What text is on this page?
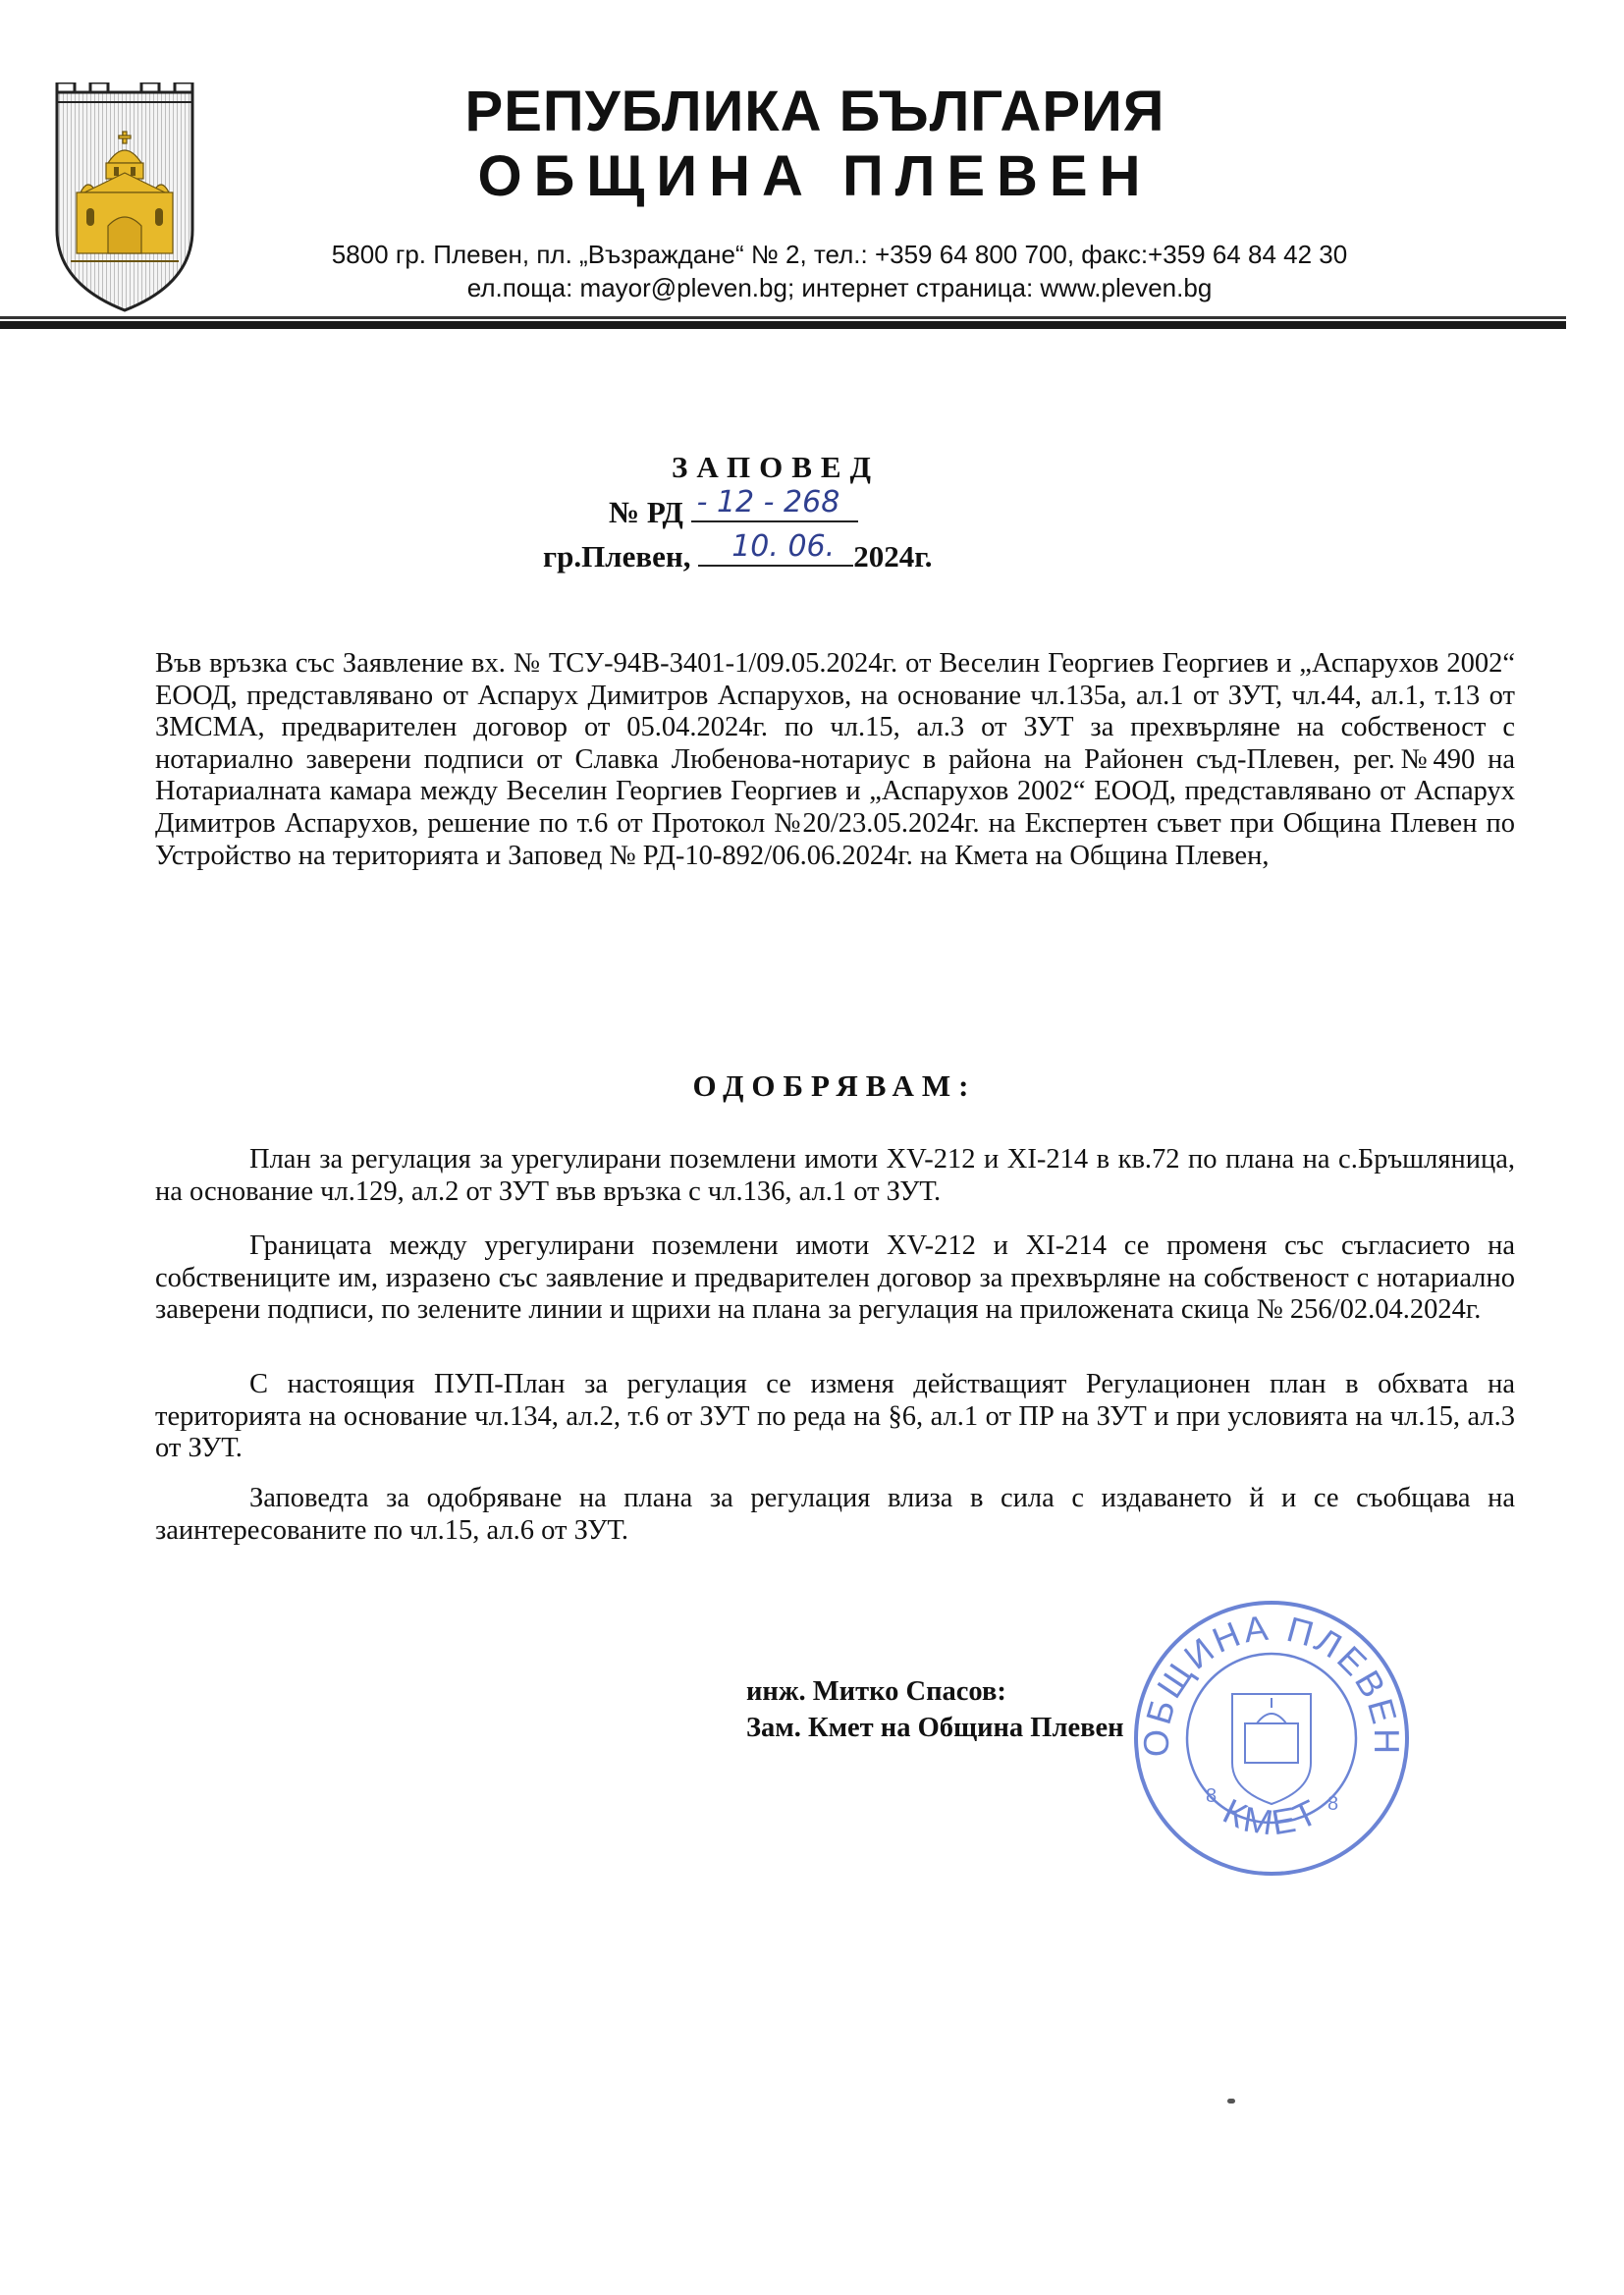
РЕПУБЛИКА БЪЛГАРИЯ
ОБЩИНА ПЛЕВЕН
5800 гр. Плевен, пл. „Възраждане“ № 2, тел.: +359 64 800 700, факс:+359 64 84 42 30
ел.поща: mayor@pleven.bg; интернет страница: www.pleven.bg
ЗАПОВЕД
№ РД - 12 - 268
гр.Плевен, 10. 06. 2024г.

Във връзка със Заявление вх. № ТСУ-94В-3401-1/09.05.2024г. от Веселин Георгиев Георгиев и „Аспарухов 2002“ ЕООД, представлявано от Аспарух Димитров Аспарухов, на основание чл.135а, ал.1 от ЗУТ, чл.44, ал.1, т.13 от ЗМСМА, предварителен договор от 05.04.2024г. по чл.15, ал.3 от ЗУТ за прехвърляне на собственост с нотариално заверени подписи от Славка Любенова-нотариус в района на Районен съд-Плевен, рег.№490 на Нотариалната камара между Веселин Георгиев Георгиев и „Аспарухов 2002“ ЕООД, представлявано от Аспарух Димитров Аспарухов, решение по т.6 от Протокол №20/23.05.2024г. на Експертен съвет при Община Плевен по Устройство на територията и Заповед № РД-10-892/06.06.2024г. на Кмета на Община Плевен,

ОДОБРЯВАМ:

План за регулация за урегулирани поземлени имоти XV-212 и XI-214 в кв.72 по плана на с.Бръшляница, на основание чл.129, ал.2 от ЗУТ във връзка с чл.136, ал.1 от ЗУТ.

Границата между урегулирани поземлени имоти XV-212 и XI-214 се променя със съгласието на собствениците им, изразено със заявление и предварителен договор за прехвърляне на собственост с нотариално заверени подписи, по зелените линии и щрихи на плана за регулация на приложената скица № 256/02.04.2024г.

С настоящия ПУП-План за регулация се изменя действащият Регулационен план в обхвата на територията на основание чл.134, ал.2, т.6 от ЗУТ по реда на §6, ал.1 от ПР на ЗУТ и при условията на чл.15, ал.3 от ЗУТ.

Заповедта за одобряване на плана за регулация влиза в сила с издаването й и се съобщава на заинтересованите по чл.15, ал.6 от ЗУТ.

инж. Митко Спасов:
Зам. Кмет на Община Плевен ОБЩИНА ПЛЕВЕН
КМЕТ
8	8
